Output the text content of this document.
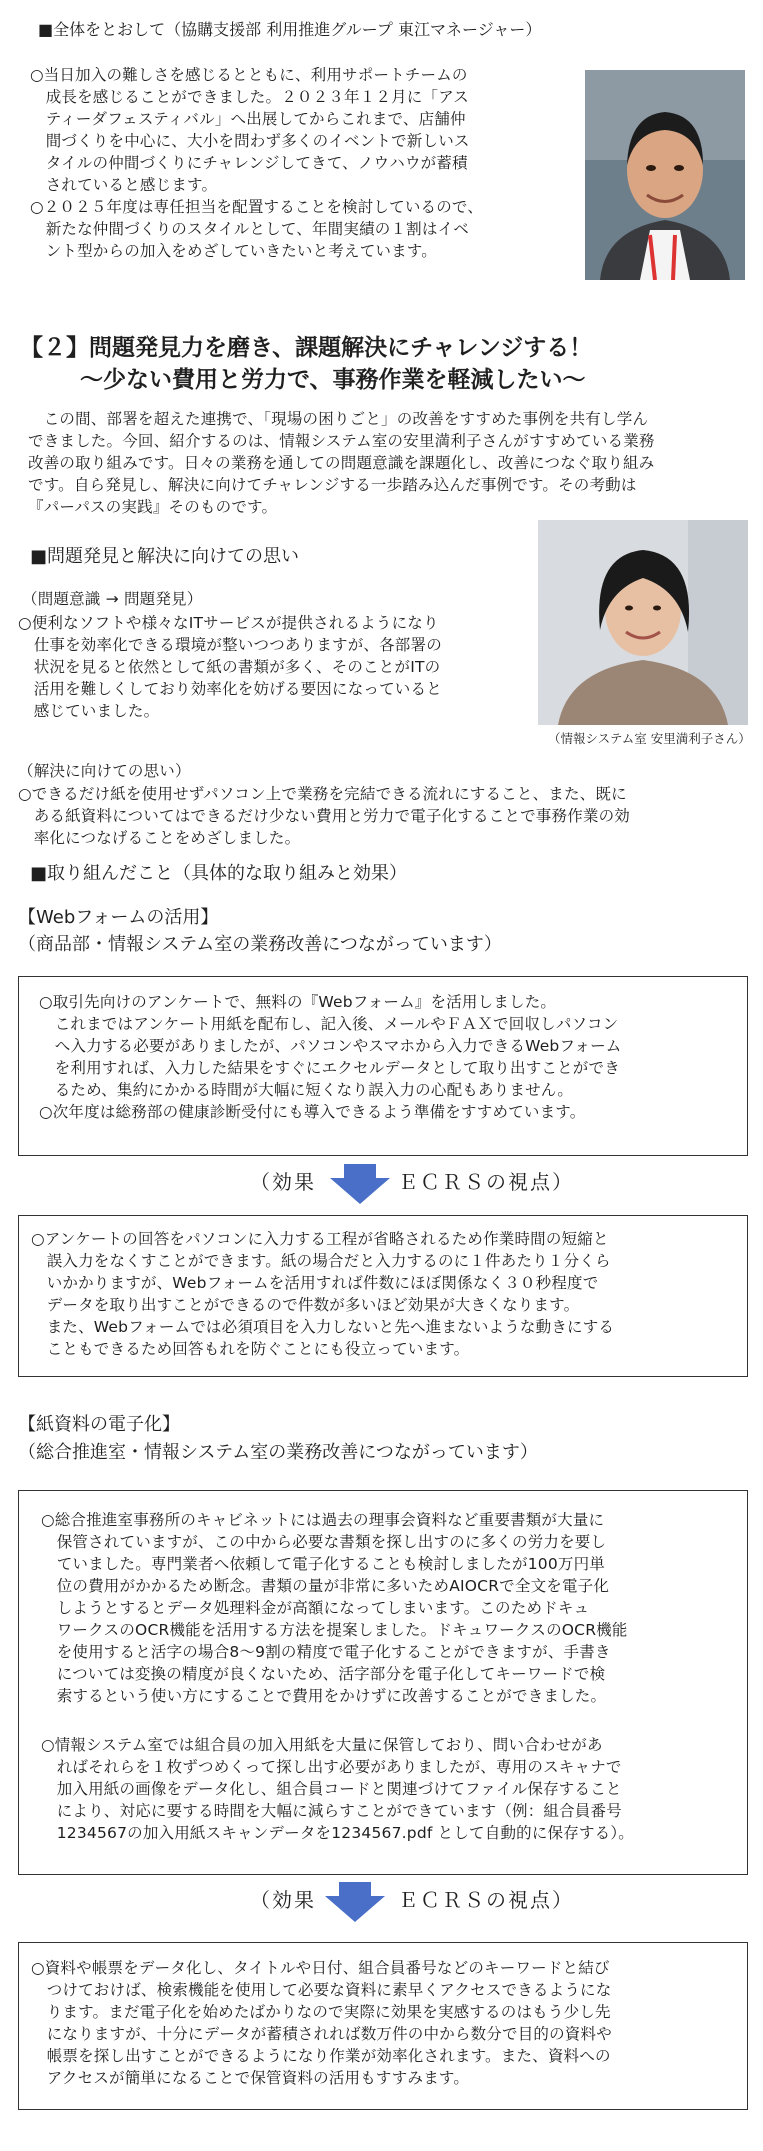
■全体をとおして（協購支援部 利用推進グループ 東江マネージャー）
○当日加入の難しさを感じるとともに、利用サポートチームの
　成長を感じることができました。２０２３年１２月に「アス
　ティーダフェスティバル」へ出展してからこれまで、店舗仲
　間づくりを中心に、大小を問わず多くのイベントで新しいス
　タイルの仲間づくりにチャレンジしてきて、ノウハウが蓄積
　されていると感じます。
○２０２５年度は専任担当を配置することを検討しているので、
　新たな仲間づくりのスタイルとして、年間実績の１割はイベ
　ント型からの加入をめざしていきたいと考えています。
【２】問題発見力を磨き、課題解決にチャレンジする！
～少ない費用と労力で、事務作業を軽減したい～
　この間、部署を超えた連携で、「現場の困りごと」の改善をすすめた事例を共有し学ん
できました。今回、紹介するのは、情報システム室の安里満利子さんがすすめている業務
改善の取り組みです。日々の業務を通しての問題意識を課題化し、改善につなぐ取り組み
です。自ら発見し、解決に向けてチャレンジする一歩踏み込んだ事例です。その考動は
『パーパスの実践』そのものです。
■問題発見と解決に向けての思い
（問題意識 → 問題発見）
○便利なソフトや様々なITサービスが提供されるようになり
　仕事を効率化できる環境が整いつつありますが、各部署の
　状況を見ると依然として紙の書類が多く、そのことがITの
　活用を難しくしており効率化を妨げる要因になっていると
　感じていました。
（情報システム室 安里満利子さん）
（解決に向けての思い）
○できるだけ紙を使用せずパソコン上で業務を完結できる流れにすること、また、既に
　ある紙資料についてはできるだけ少ない費用と労力で電子化することで事務作業の効
　率化につなげることをめざしました。
■取り組んだこと（具体的な取り組みと効果）
【Webフォームの活用】
（商品部・情報システム室の業務改善につながっています）
○取引先向けのアンケートで、無料の『Webフォーム』を活用しました。
　これまではアンケート用紙を配布し、記入後、メールやＦＡＸで回収しパソコン
　へ入力する必要がありましたが、パソコンやスマホから入力できるWebフォーム
　を利用すれば、入力した結果をすぐにエクセルデータとして取り出すことができ
　るため、集約にかかる時間が大幅に短くなり誤入力の心配もありません。
○次年度は総務部の健康診断受付にも導入できるよう準備をすすめています。
（効果	ＥＣＲＳの視点）
○アンケートの回答をパソコンに入力する工程が省略されるため作業時間の短縮と
　誤入力をなくすことができます。紙の場合だと入力するのに１件あたり１分くら
　いかかりますが、Webフォームを活用すれば件数にほぼ関係なく３０秒程度で
　データを取り出すことができるので件数が多いほど効果が大きくなります。
　また、Webフォームでは必須項目を入力しないと先へ進まないような動きにする
　こともできるため回答もれを防ぐことにも役立っています。
【紙資料の電子化】
（総合推進室・情報システム室の業務改善につながっています）
○総合推進室事務所のキャビネットには過去の理事会資料など重要書類が大量に
　保管されていますが、この中から必要な書類を探し出すのに多くの労力を要し
　ていました。専門業者へ依頼して電子化することも検討しましたが100万円単
　位の費用がかかるため断念。書類の量が非常に多いためAIOCRで全文を電子化
　しようとするとデータ処理料金が高額になってしまいます。このためドキュ
　ワークスのOCR機能を活用する方法を提案しました。ドキュワークスのOCR機能
　を使用すると活字の場合8～9割の精度で電子化することができますが、手書き
　については変換の精度が良くないため、活字部分を電子化してキーワードで検
　索するという使い方にすることで費用をかけずに改善することができました。
○情報システム室では組合員の加入用紙を大量に保管しており、問い合わせがあ
　ればそれらを１枚ずつめくって探し出す必要がありましたが、専用のスキャナで
　加入用紙の画像をデータ化し、組合員コードと関連づけてファイル保存すること
　により、対応に要する時間を大幅に減らすことができています（例：組合員番号
　1234567の加入用紙スキャンデータを1234567.pdf として自動的に保存する）。
（効果	ＥＣＲＳの視点）
○資料や帳票をデータ化し、タイトルや日付、組合員番号などのキーワードと結び
　つけておけば、検索機能を使用して必要な資料に素早くアクセスできるようにな
　ります。まだ電子化を始めたばかりなので実際に効果を実感するのはもう少し先
　になりますが、十分にデータが蓄積されれば数万件の中から数分で目的の資料や
　帳票を探し出すことができるようになり作業が効率化されます。また、資料への
　アクセスが簡単になることで保管資料の活用もすすみます。
